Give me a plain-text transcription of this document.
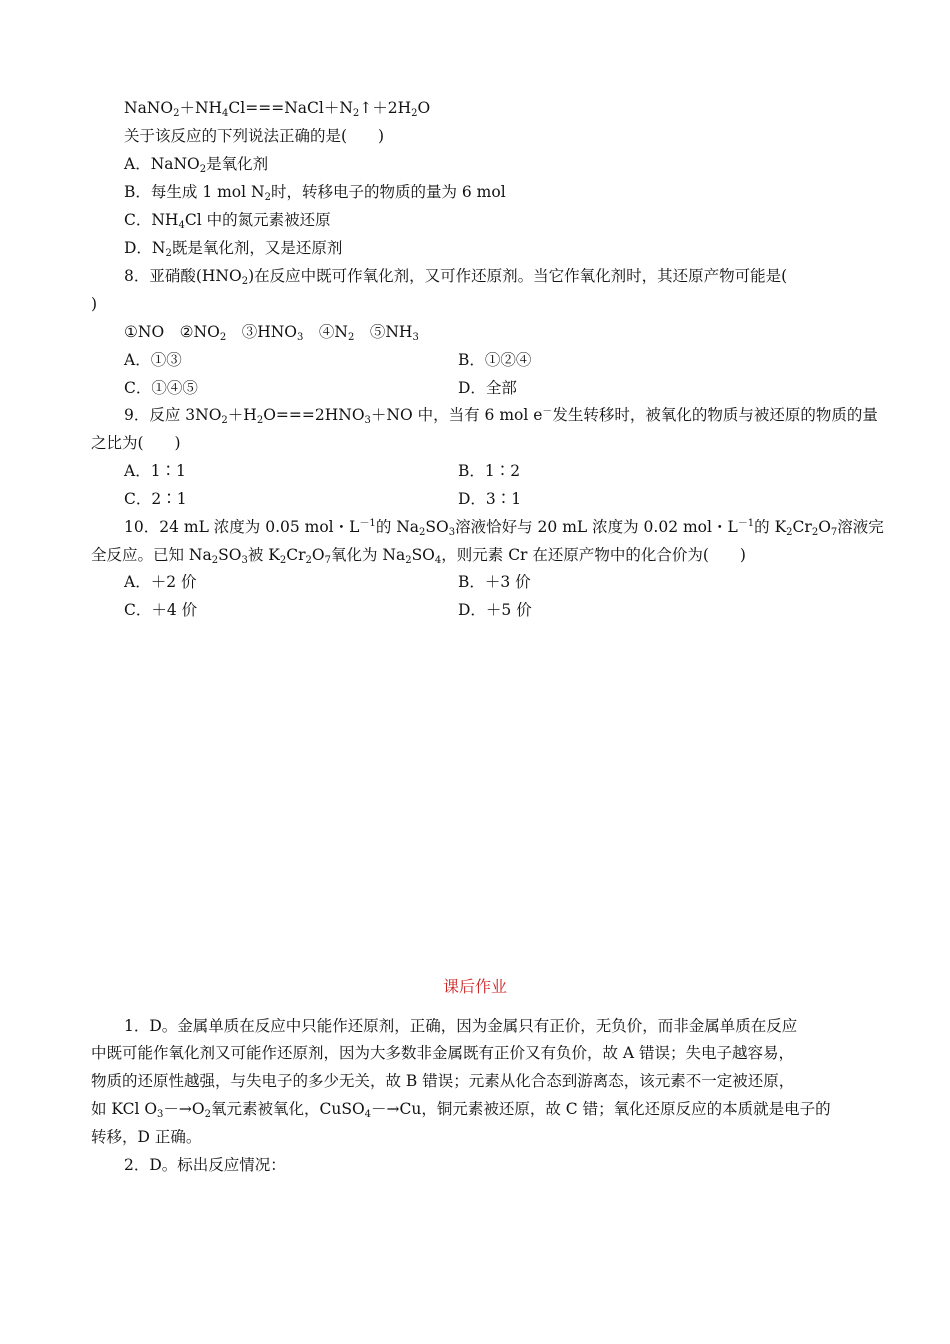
$NaNO_2+NH_4Cl===NaCl+N_2↑+2H_2O$
关于该反应的下列说法正确的是(　　)
A．NaNO$_2$是氧化剂
B．每生成 1 mol $N_2$时，转移电子的物质的量为 6 mol
C．$NH_4Cl$ 中的氮元素被还原
D．$N_2$既是氧化剂，又是还原剂
8．亚硝酸$(HNO_2)$在反应中既可作氧化剂，又可作还原剂。当它作氧化剂时，其还原产物可能是(
)
①NO　$②NO_2$　$③HNO_3$　$④N_2$　$⑤NH_3$
A．①③	B．①②④
C．①④⑤	D．全部
9．反应 $3NO_2+H_2O===2HNO_3+NO$ 中，当有 6 mol e－发生转移时，被氧化的物质与被还原的物质的量
之比为(　　)
A．1∶1	B．1∶2
C．2∶1	D．3∶1
10．24 mL 浓度为 0.05 mol・$L^{-1}$的 $Na_2SO_3$溶液恰好与 20 mL 浓度为 0.02 mol・$L^{-1}$的 $K_2Cr_2O_7$溶液完
全反应。已知 $Na_2SO_3$被 $K_2Cr_2O_7$氧化为 $Na_2SO_4$，则元素 Cr 在还原产物中的化合价为(　　)
A．＋2 价	B．＋3 价
C．＋4 价	D．＋5 价
课后作业
1．D。金属单质在反应中只能作还原剂，正确，因为金属只有正价，无负价，而非金属单质在反应
中既可能作氧化剂又可能作还原剂，因为大多数非金属既有正价又有负价，故 A 错误；失电子越容易，
物质的还原性越强，与失电子的多少无关，故 B 错误；元素从化合态到游离态，该元素不一定被还原，
如 KCl $O_3-\to O_2$氧元素被氧化，CuSO$_4$－→Cu，铜元素被还原，故 C 错；氧化还原反应的本质就是电子的
转移，D 正确。
2．D。标出反应情况：
